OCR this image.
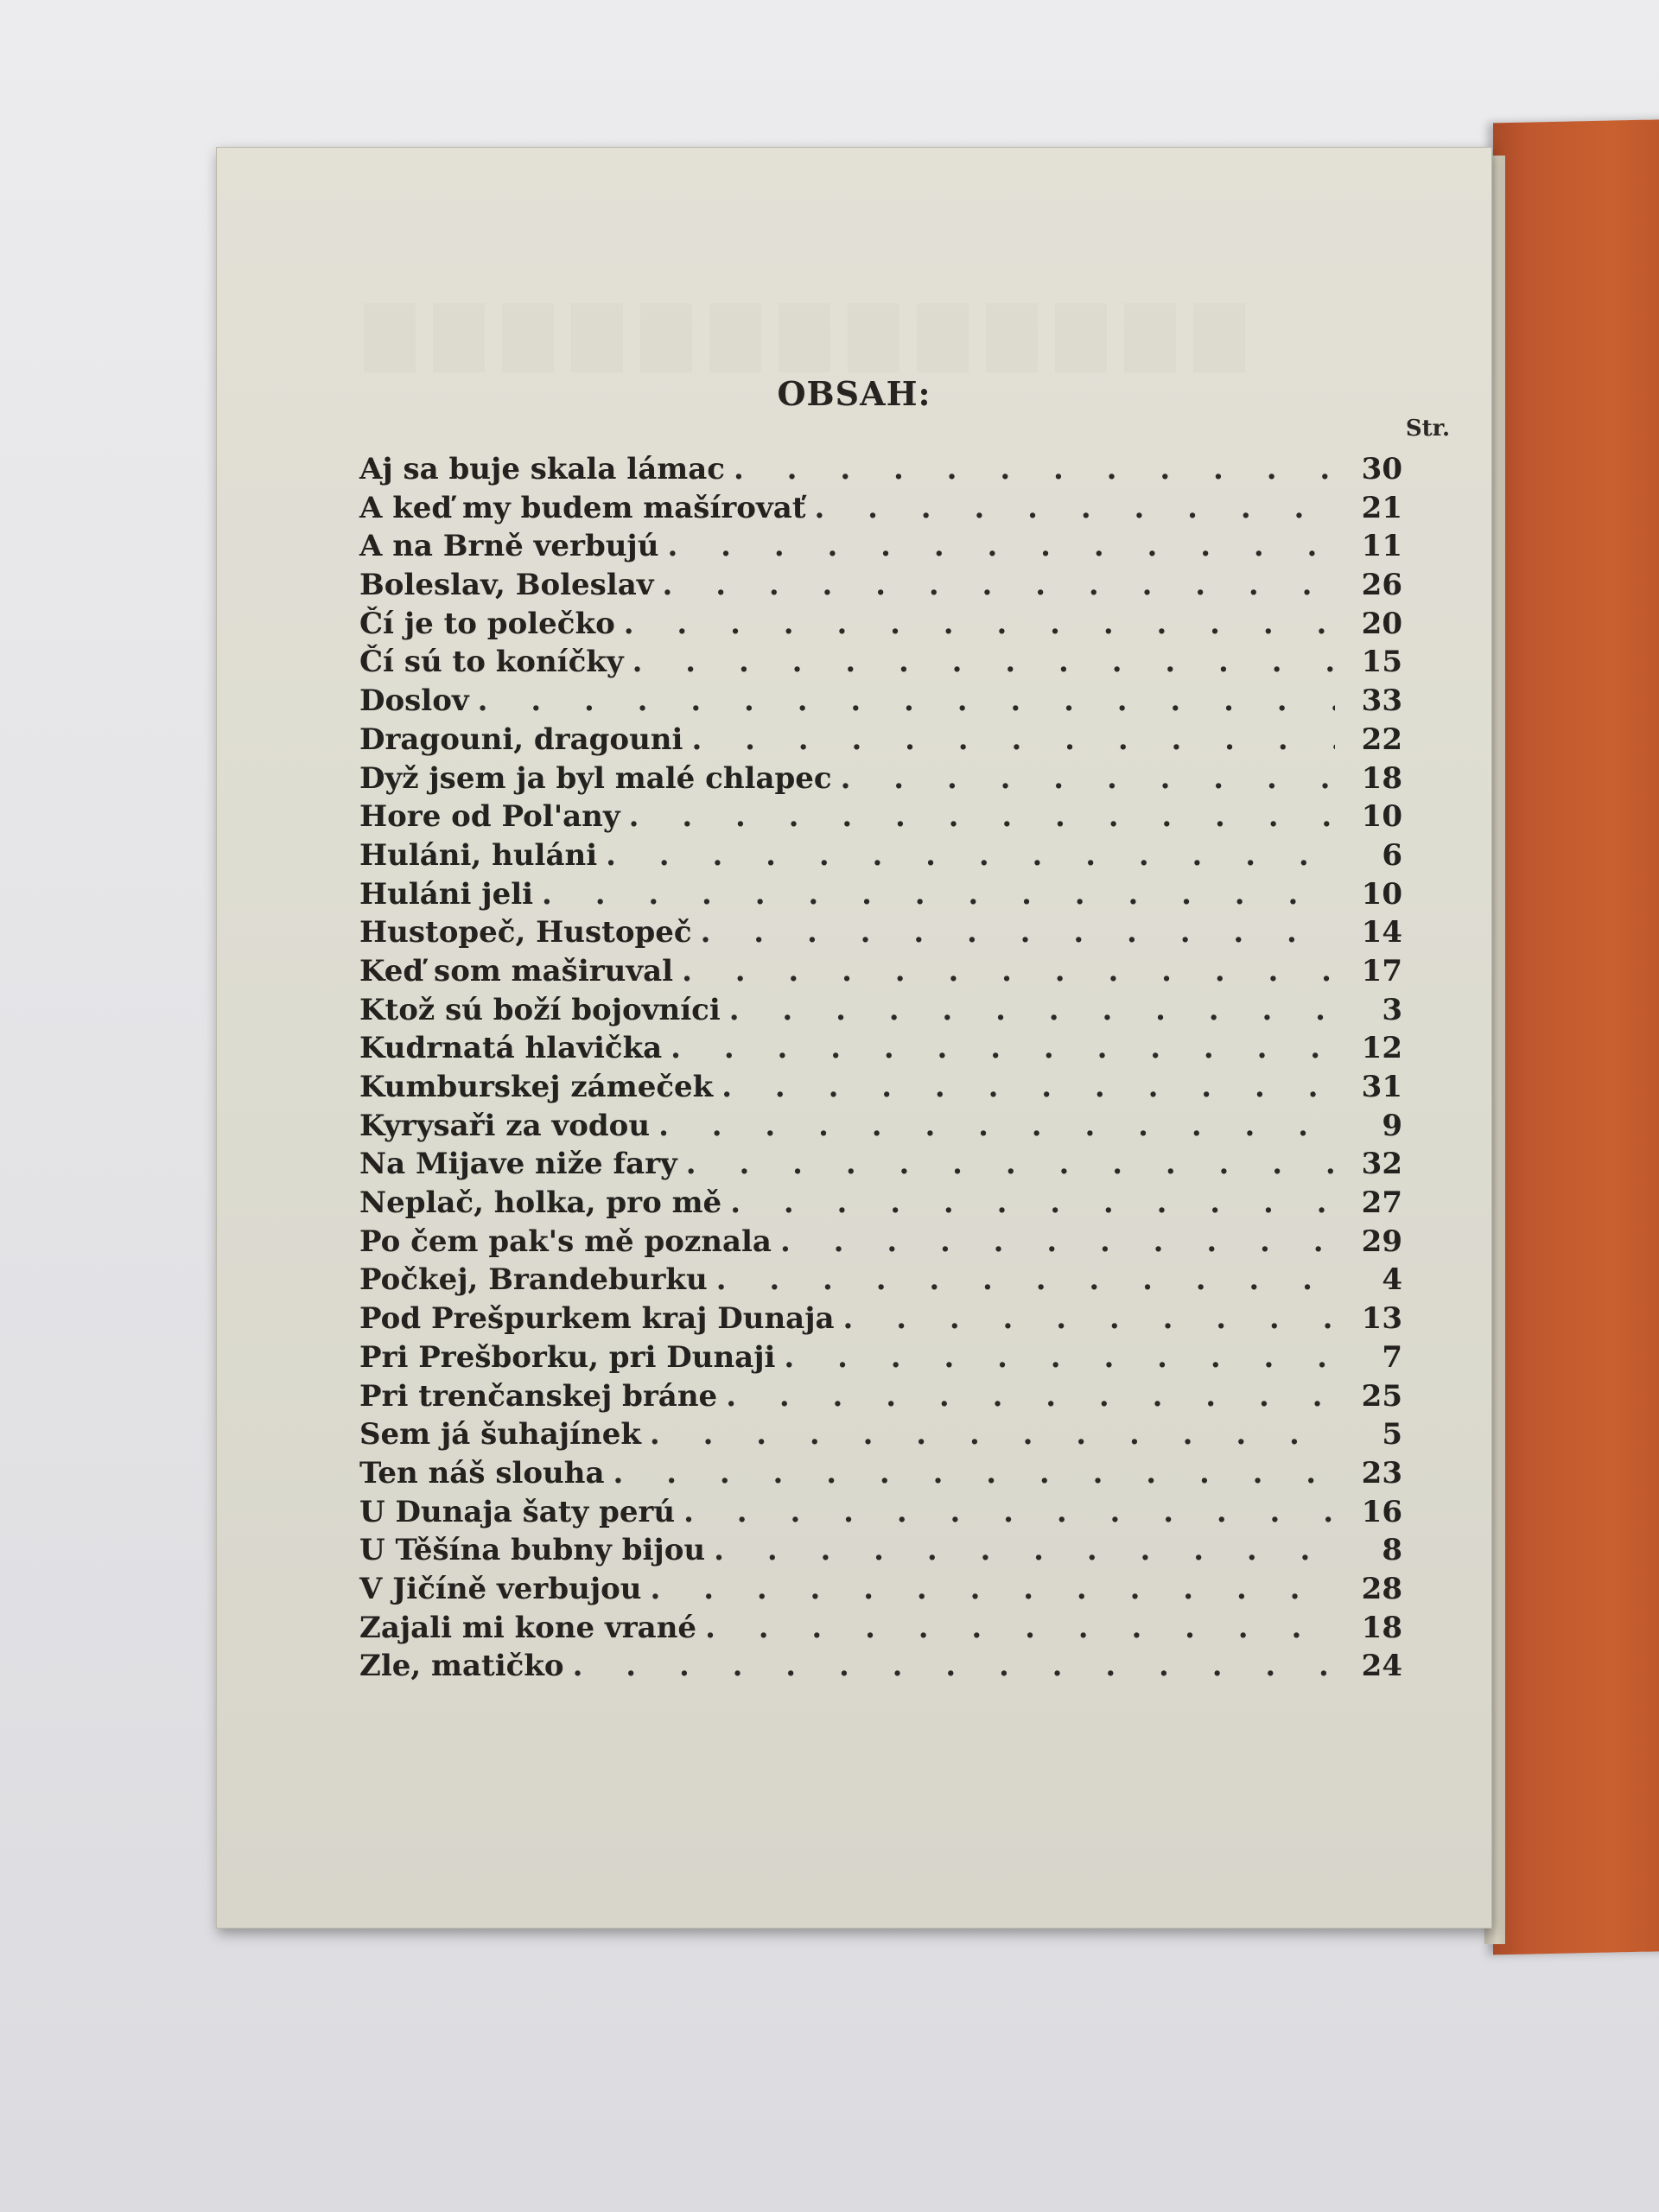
OBSAH:
Str.
Aj sa buje skala lámac . . .	30
A keď my budem mašírovať . . .	21
A na Brně verbujú . . .	11
Boleslav, Boleslav . . .	26
Čí je to polečko . . .	20
Čí sú to koníčky . . .	15
Doslov . . .	33
Dragouni, dragouni . . .	22
Dyž jsem ja byl malé chlapec . . .	18
Hore od Pol'any . . .	10
Huláni, huláni . . .	6
Huláni jeli . . .	10
Hustopeč, Hustopeč . . .	14
Keď som maširuval . . .	17
Ktož sú boží bojovníci . . .	3
Kudrnatá hlavička . . .	12
Kumburskej zámeček . . .	31
Kyrysaři za vodou . . .	9
Na Mijave niže fary . . .	32
Neplač, holka, pro mě . . .	27
Po čem pak's mě poznala . . .	29
Počkej, Brandeburku . . .	4
Pod Prešpurkem kraj Dunaja . . .	13
Pri Prešborku, pri Dunaji . . .	7
Pri trenčanskej bráne . . .	25
Sem já šuhajínek . . .	5
Ten náš slouha . . .	23
U Dunaja šaty perú . . .	16
U Těšína bubny bijou . . .	8
V Jičíně verbujou . . .	28
Zajali mi kone vrané . . .	18
Zle, matičko . . .	24
